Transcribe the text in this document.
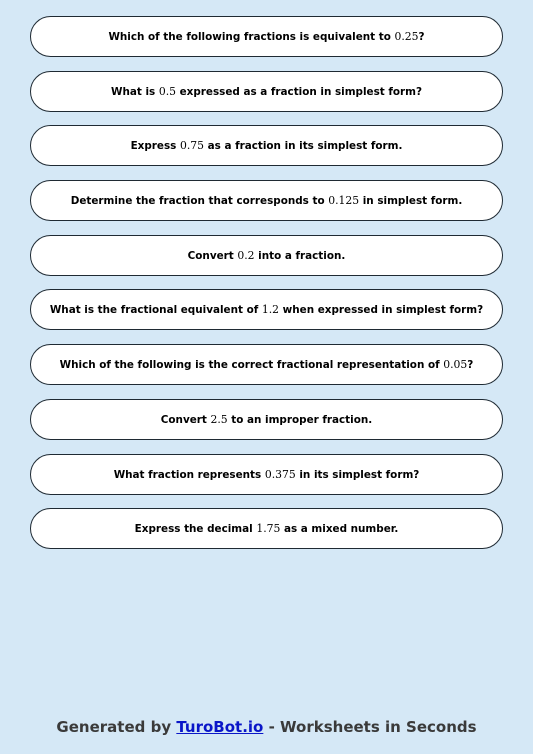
Which of the following fractions is equivalent to 0.25?
What is 0.5 expressed as a fraction in simplest form?
Express 0.75 as a fraction in its simplest form.
Determine the fraction that corresponds to 0.125 in simplest form.
Convert 0.2 into a fraction.
What is the fractional equivalent of 1.2 when expressed in simplest form?
Which of the following is the correct fractional representation of 0.05?
Convert 2.5 to an improper fraction.
What fraction represents 0.375 in its simplest form?
Express the decimal 1.75 as a mixed number.
Generated by TuroBot.io - Worksheets in Seconds
